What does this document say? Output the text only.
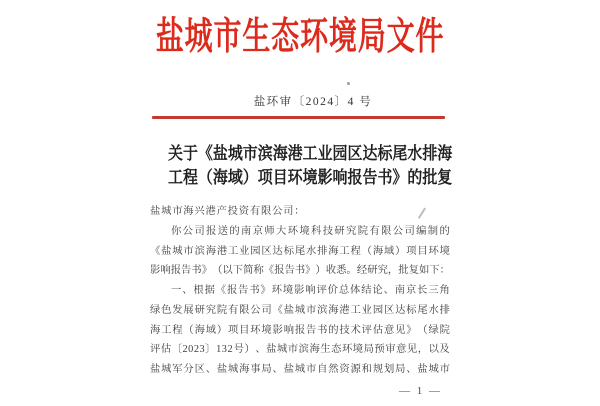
盐城市生态环境局文件
盐环审〔2024〕4 号
关于《盐城市滨海港工业园区达标尾水排海
工程（海域）项目环境影响报告书》的批复
盐城市海兴港产投资有限公司：
你 公 司 报 送 的 南 京 师 大 环 境 科 技 研 究 院 有 限 公 司 编 制 的
《 盐 城 市 滨 海 港 工 业 园 区 达 标 尾 水 排 海 工 程 （ 海 域 ） 项 目 环 境
影 响 报 告 书 》 （ 以 下 简 称 《 报 告 书 》 ） 收 悉 。 经 研 究 ， 批 复 如 下 ：
一 、 根 据 《 报 告 书 》 环 境 影 响 评 价 总 体 结 论 、 南 京 长 三 角
绿 色 发 展 研 究 院 有 限 公 司 《 盐 城 市 滨 海 港 工 业 园 区 达 标 尾 水 排
海 工 程 （ 海 域 ） 项 目 环 境 影 响 报 告 书 的 技 术 评 估 意 见 》 （ 绿 院
评 估 〔 2 0 2 3 〕 1 3 2 号 ） 、 盐 城 市 滨 海 生 态 环 境 局 预 审 意 见 ， 以 及
盐 城 军 分 区 、 盐 城 海 事 局 、 盐 城 市 自 然 资 源 和 规 划 局 、 盐 城 市
— 1 —
